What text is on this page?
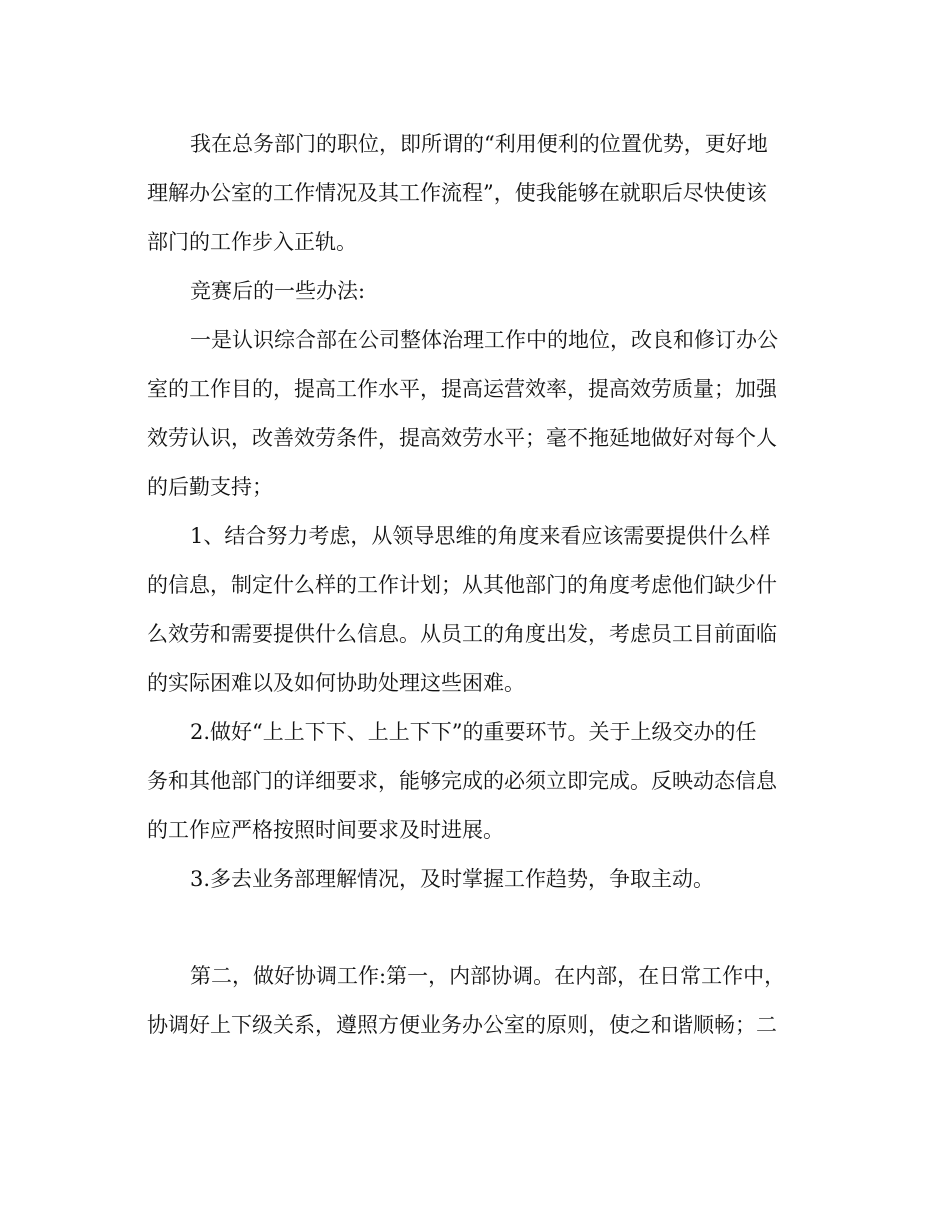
我在总务部门的职位，即所谓的“利用便利的位置优势，更好地

理解办公室的工作情况及其工作流程”，使我能够在就职后尽快使该

部门的工作步入正轨。

竞赛后的一些办法:

一是认识综合部在公司整体治理工作中的地位，改良和修订办公

室的工作目的，提高工作水平，提高运营效率，提高效劳质量；加强

效劳认识，改善效劳条件，提高效劳水平；毫不拖延地做好对每个人

的后勤支持；

1、结合努力考虑，从领导思维的角度来看应该需要提供什么样

的信息，制定什么样的工作计划；从其他部门的角度考虑他们缺少什

么效劳和需要提供什么信息。从员工的角度出发，考虑员工目前面临

的实际困难以及如何协助处理这些困难。

2.做好“上上下下、上上下下”的重要环节。关于上级交办的任

务和其他部门的详细要求，能够完成的必须立即完成。反映动态信息

的工作应严格按照时间要求及时进展。

3.多去业务部理解情况，及时掌握工作趋势，争取主动。

第二，做好协调工作:第一，内部协调。在内部，在日常工作中，

协调好上下级关系，遵照方便业务办公室的原则，使之和谐顺畅；二
